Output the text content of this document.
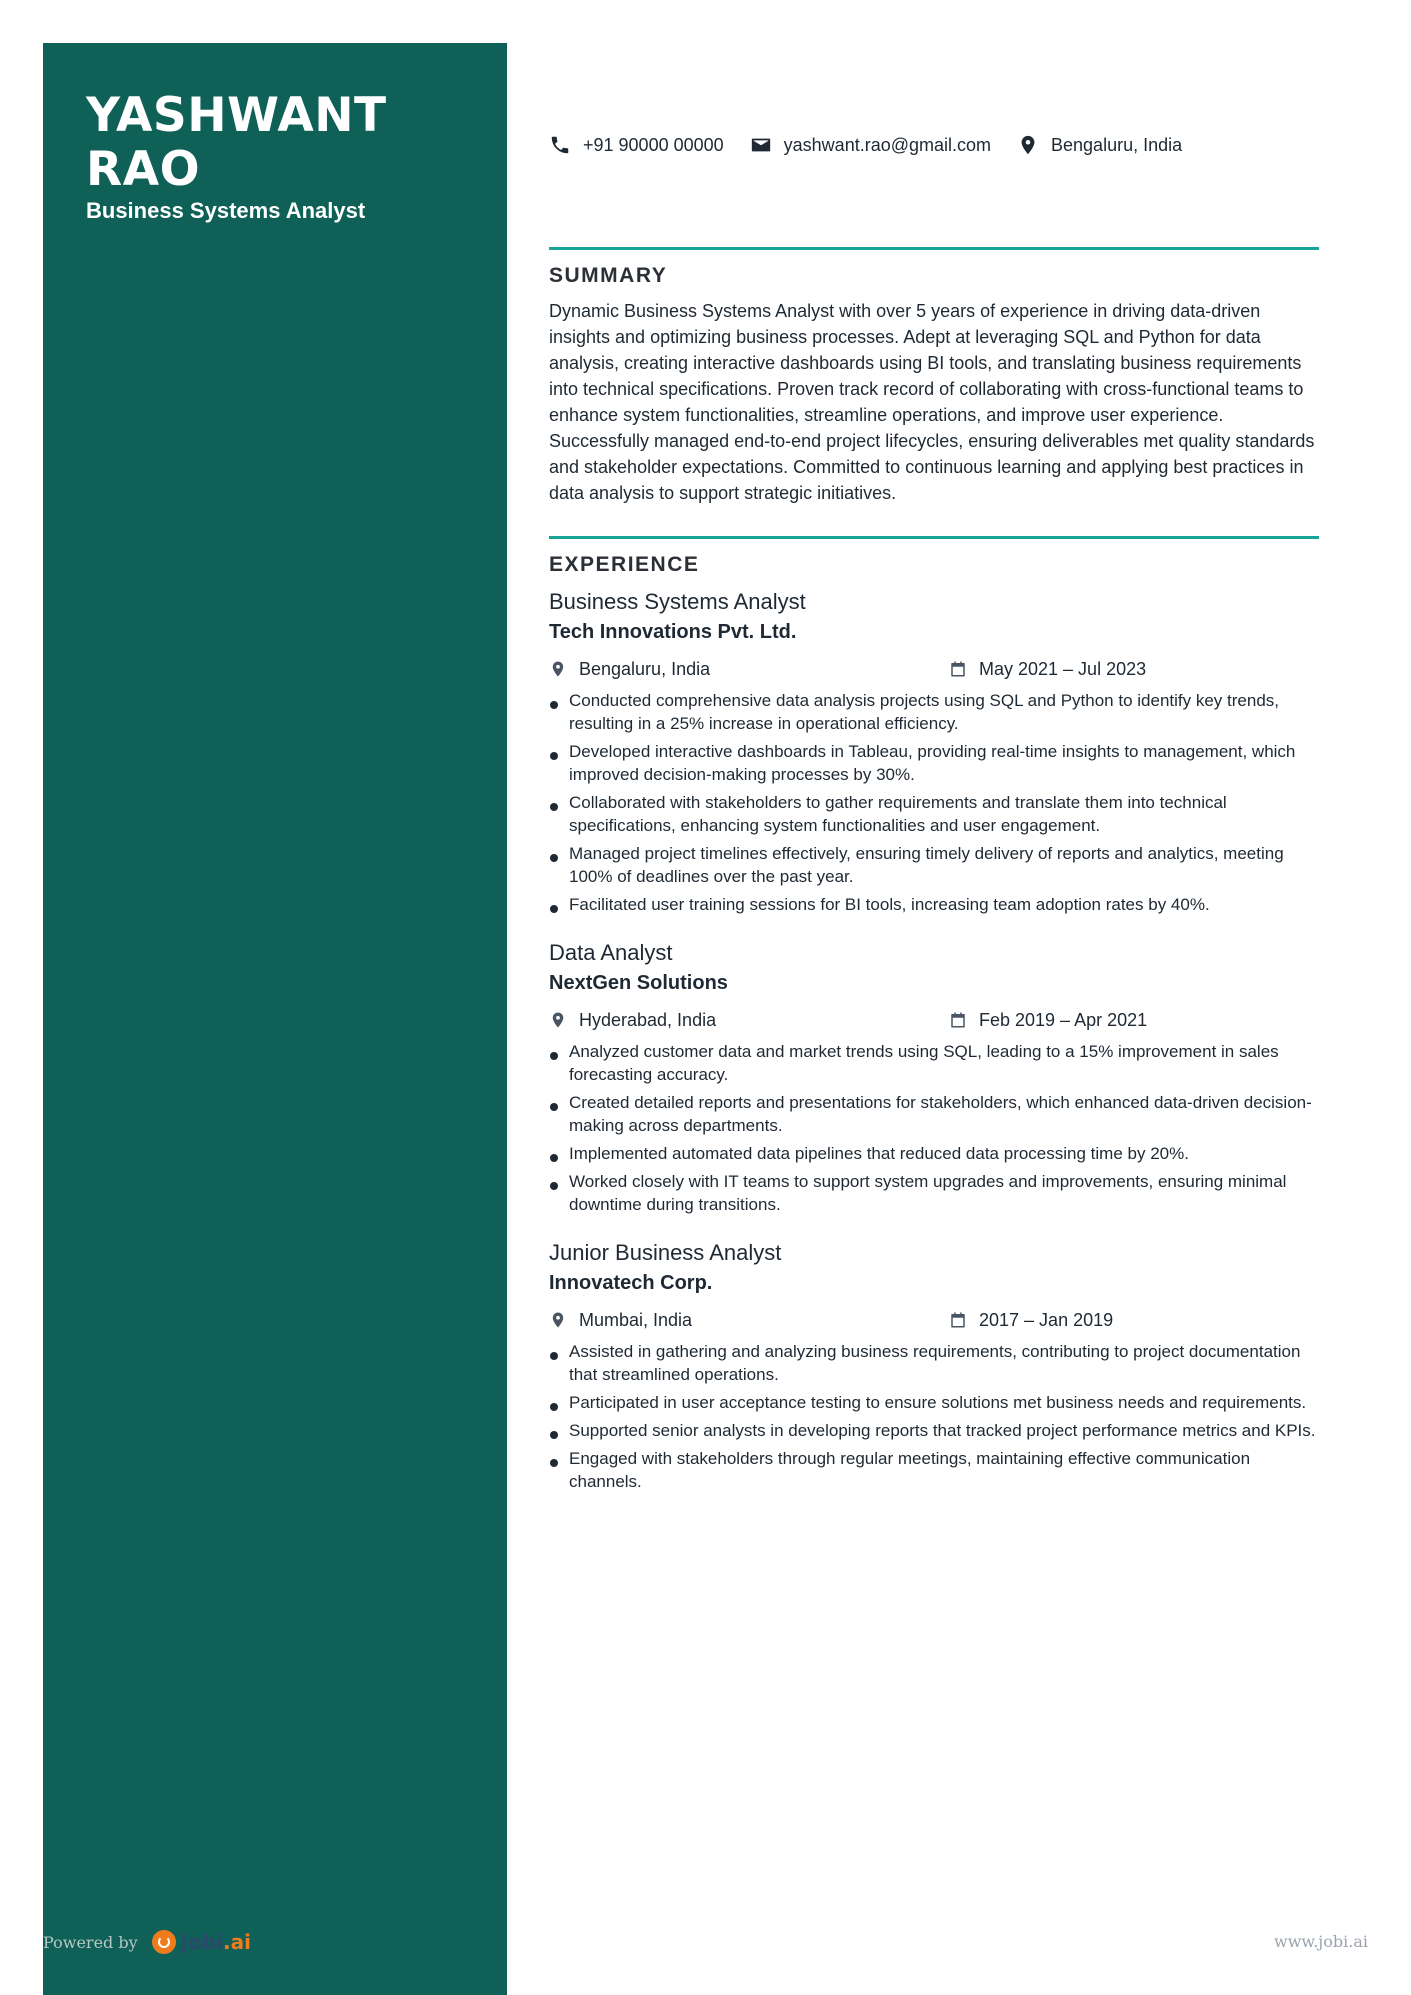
YASHWANT
RAO
Business Systems Analyst
+91 90000 00000	yashwant.rao@gmail.com	Bengaluru, India
SUMMARY

Dynamic Business Systems Analyst with over 5 years of experience in driving data-driven insights and optimizing business processes. Adept at leveraging SQL and Python for data analysis, creating interactive dashboards using BI tools, and translating business requirements into technical specifications. Proven track record of collaborating with cross-functional teams to enhance system functionalities, streamline operations, and improve user experience. Successfully managed end-to-end project lifecycles, ensuring deliverables met quality standards and stakeholder expectations. Committed to continuous learning and applying best practices in data analysis to support strategic initiatives.

EXPERIENCE
Business Systems Analyst
Tech Innovations Pvt. Ltd.
Bengaluru, India	May 2021 – Jul 2023
Conducted comprehensive data analysis projects using SQL and Python to identify key trends, resulting in a 25% increase in operational efficiency.
Developed interactive dashboards in Tableau, providing real-time insights to management, which improved decision-making processes by 30%.
Collaborated with stakeholders to gather requirements and translate them into technical specifications, enhancing system functionalities and user engagement.
Managed project timelines effectively, ensuring timely delivery of reports and analytics, meeting 100% of deadlines over the past year.
Facilitated user training sessions for BI tools, increasing team adoption rates by 40%.
Data Analyst
NextGen Solutions
Hyderabad, India	Feb 2019 – Apr 2021
Analyzed customer data and market trends using SQL, leading to a 15% improvement in sales forecasting accuracy.
Created detailed reports and presentations for stakeholders, which enhanced data-driven decision-making across departments.
Implemented automated data pipelines that reduced data processing time by 20%.
Worked closely with IT teams to support system upgrades and improvements, ensuring minimal downtime during transitions.
Junior Business Analyst
Innovatech Corp.
Mumbai, India	2017 – Jan 2019
Assisted in gathering and analyzing business requirements, contributing to project documentation that streamlined operations.
Participated in user acceptance testing to ensure solutions met business needs and requirements.
Supported senior analysts in developing reports that tracked project performance metrics and KPIs.
Engaged with stakeholders through regular meetings, maintaining effective communication channels.
Powered by Jobi .ai	www.jobi.ai
